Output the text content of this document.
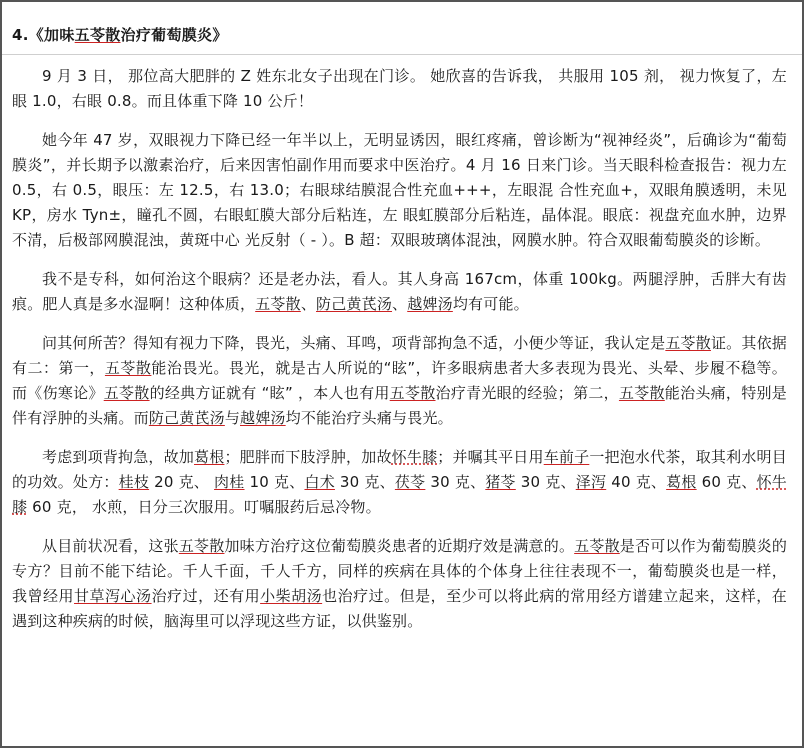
4.《加味五苓散治疗葡萄膜炎》

9 月 3 日， 那位高大肥胖的 Z 姓东北女子出现在门诊。 她欣喜的告诉我， 共服用 105 剂， 视力恢复了，左眼 1.0，右眼 0.8。而且体重下降 10 公斤！

她今年 47 岁，双眼视力下降已经一年半以上，无明显诱因，眼红疼痛，曾诊断为“视神经炎”，后确诊为“葡萄膜炎”，并长期予以激素治疗，后来因害怕副作用而要求中医治疗。4 月 16 日来门诊。当天眼科检查报告：视力左 0.5，右 0.5，眼压：左 12.5，右 13.0；右眼球结膜混合性充血+++，左眼混 合性充血+，双眼角膜透明，未见 KP，房水 Tyn±，瞳孔不圆，右眼虹膜大部分后粘连，左 眼虹膜部分后粘连，晶体混。眼底：视盘充血水肿，边界不清，后极部网膜混浊，黄斑中心 光反射（ - ）。B 超：双眼玻璃体混浊，网膜水肿。符合双眼葡萄膜炎的诊断。

我不是专科，如何治这个眼病？还是老办法，看人。其人身高 167cm，体重 100kg。两腿浮肿，舌胖大有齿痕。肥人真是多水湿啊！这种体质，五苓散、防己黄芪汤、越婢汤均有可能。

问其何所苦？得知有视力下降，畏光，头痛、耳鸣，项背部拘急不适，小便少等证，我认定是五苓散证。其依据有二：第一，五苓散能治畏光。畏光，就是古人所说的“眩”，许多眼病患者大多表现为畏光、头晕、步履不稳等。 而《伤寒论》五苓散的经典方证就有 “眩” ，本人也有用五苓散治疗青光眼的经验；第二，五苓散能治头痛，特别是伴有浮肿的头痛。而防己黄芪汤与越婢汤均不能治疗头痛与畏光。

考虑到项背拘急，故加葛根；肥胖而下肢浮肿，加故怀牛膝；并嘱其平日用车前子一把泡水代茶，取其利水明目的功效。处方：桂枝 20 克、 肉桂 10 克、白术 30 克、茯苓 30 克、猪苓 30 克、泽泻 40 克、葛根 60 克、怀牛膝 60 克， 水煎，日分三次服用。叮嘱服药后忌冷物。

从目前状况看，这张五苓散加味方治疗这位葡萄膜炎患者的近期疗效是满意的。五苓散是否可以作为葡萄膜炎的专方？目前不能下结论。千人千面，千人千方，同样的疾病在具体的个体身上往往表现不一，葡萄膜炎也是一样，我曾经用甘草泻心汤治疗过，还有用小柴胡汤也治疗过。但是，至少可以将此病的常用经方谱建立起来，这样，在遇到这种疾病的时候，脑海里可以浮现这些方证，以供鉴别。
